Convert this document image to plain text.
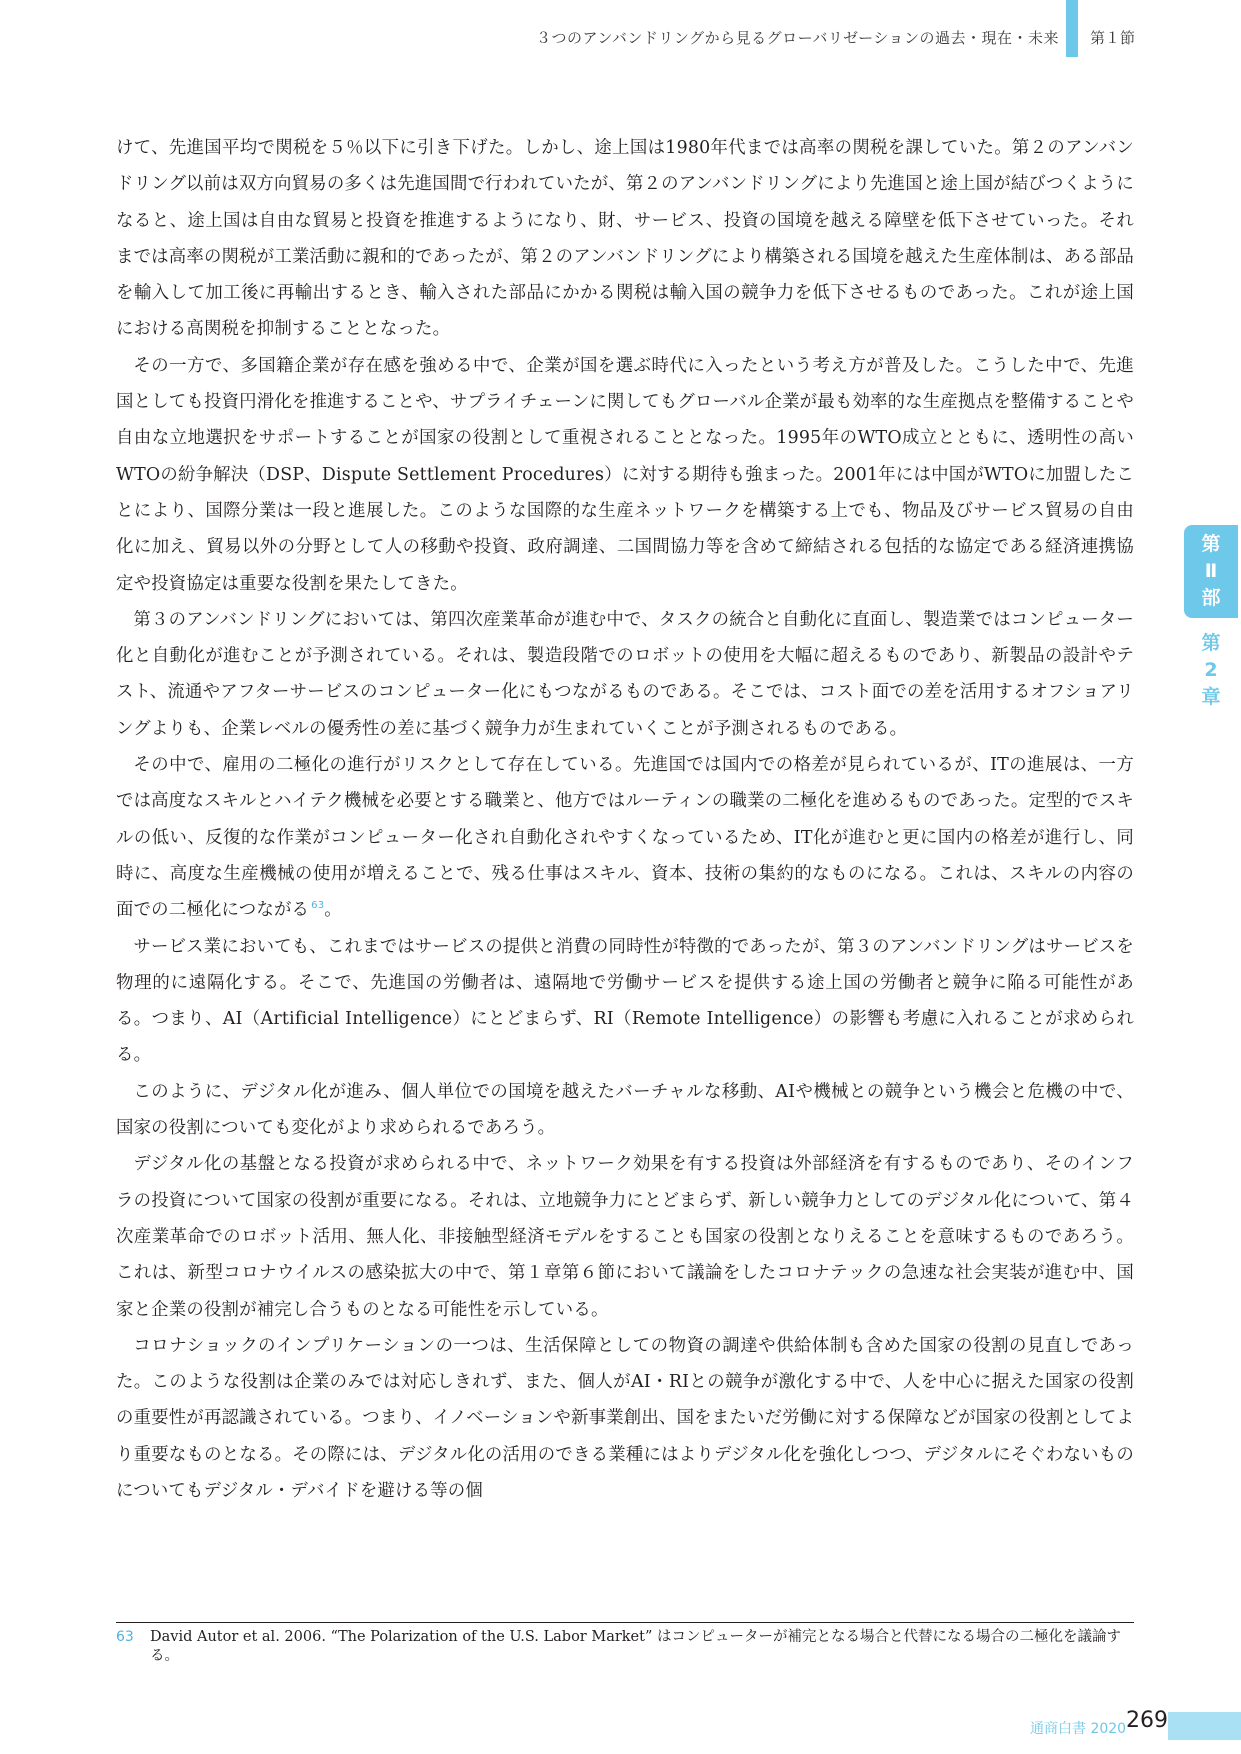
３つのアンバンドリングから見るグローバリゼーションの過去・現在・未来 第１節
第
Ⅱ
部
第
2
章

けて、先進国平均で関税を５％以下に引き下げた。しかし、途上国は1980年代までは高率の関税を課していた。第２のアンバンドリング以前は双方向貿易の多くは先進国間で行われていたが、第２のアンバンドリングにより先進国と途上国が結びつくようになると、途上国は自由な貿易と投資を推進するようになり、財、サービス、投資の国境を越える障壁を低下させていった。それまでは高率の関税が工業活動に親和的であったが、第２のアンバンドリングにより構築される国境を越えた生産体制は、ある部品を輸入して加工後に再輸出するとき、輸入された部品にかかる関税は輸入国の競争力を低下させるものであった。これが途上国における高関税を抑制することとなった。

その一方で、多国籍企業が存在感を強める中で、企業が国を選ぶ時代に入ったという考え方が普及した。こうした中で、先進国としても投資円滑化を推進することや、サプライチェーンに関してもグローバル企業が最も効率的な生産拠点を整備することや自由な立地選択をサポートすることが国家の役割として重視されることとなった。1995年のWTO成立とともに、透明性の高いWTOの紛争解決（DSP、Dispute Settlement Procedures）に対する期待も強まった。2001年には中国がWTOに加盟したことにより、国際分業は一段と進展した。このような国際的な生産ネットワークを構築する上でも、物品及びサービス貿易の自由化に加え、貿易以外の分野として人の移動や投資、政府調達、二国間協力等を含めて締結される包括的な協定である経済連携協定や投資協定は重要な役割を果たしてきた。

第３のアンバンドリングにおいては、第四次産業革命が進む中で、タスクの統合と自動化に直面し、製造業ではコンピューター化と自動化が進むことが予測されている。それは、製造段階でのロボットの使用を大幅に超えるものであり、新製品の設計やテスト、流通やアフターサービスのコンピューター化にもつながるものである。そこでは、コスト面での差を活用するオフショアリングよりも、企業レベルの優秀性の差に基づく競争力が生まれていくことが予測されるものである。

その中で、雇用の二極化の進行がリスクとして存在している。先進国では国内での格差が見られているが、ITの進展は、一方では高度なスキルとハイテク機械を必要とする職業と、他方ではルーティンの職業の二極化を進めるものであった。定型的でスキルの低い、反復的な作業がコンピューター化され自動化されやすくなっているため、IT化が進むと更に国内の格差が進行し、同時に、高度な生産機械の使用が増えることで、残る仕事はスキル、資本、技術の集約的なものになる。これは、スキルの内容の面での二極化につながる $^{63}$。

サービス業においても、これまではサービスの提供と消費の同時性が特徴的であったが、第３のアンバンドリングはサービスを物理的に遠隔化する。そこで、先進国の労働者は、遠隔地で労働サービスを提供する途上国の労働者と競争に陥る可能性がある。つまり、AI（Artificial Intelligence）にとどまらず、RI（Remote Intelligence）の影響も考慮に入れることが求められる。

このように、デジタル化が進み、個人単位での国境を越えたバーチャルな移動、AIや機械との競争という機会と危機の中で、国家の役割についても変化がより求められるであろう。

デジタル化の基盤となる投資が求められる中で、ネットワーク効果を有する投資は外部経済を有するものであり、そのインフラの投資について国家の役割が重要になる。それは、立地競争力にとどまらず、新しい競争力としてのデジタル化について、第４次産業革命でのロボット活用、無人化、非接触型経済モデルをすることも国家の役割となりえることを意味するものであろう。これは、新型コロナウイルスの感染拡大の中で、第１章第６節において議論をしたコロナテックの急速な社会実装が進む中、国家と企業の役割が補完し合うものとなる可能性を示している。

コロナショックのインプリケーションの一つは、生活保障としての物資の調達や供給体制も含めた国家の役割の見直しであった。このような役割は企業のみでは対応しきれず、また、個人がAI・RIとの競争が激化する中で、人を中心に据えた国家の役割の重要性が再認識されている。つまり、イノベーションや新事業創出、国をまたいだ労働に対する保障などが国家の役割としてより重要なものとなる。その際には、デジタル化の活用のできる業種にはよりデジタル化を強化しつつ、デジタルにそぐわないものについてもデジタル・デバイドを避ける等の個

63 David Autor et al. 2006. “The Polarization of the U.S. Labor Market” はコンピューターが補完となる場合と代替になる場合の二極化を議論する。
通商白書 2020 269
